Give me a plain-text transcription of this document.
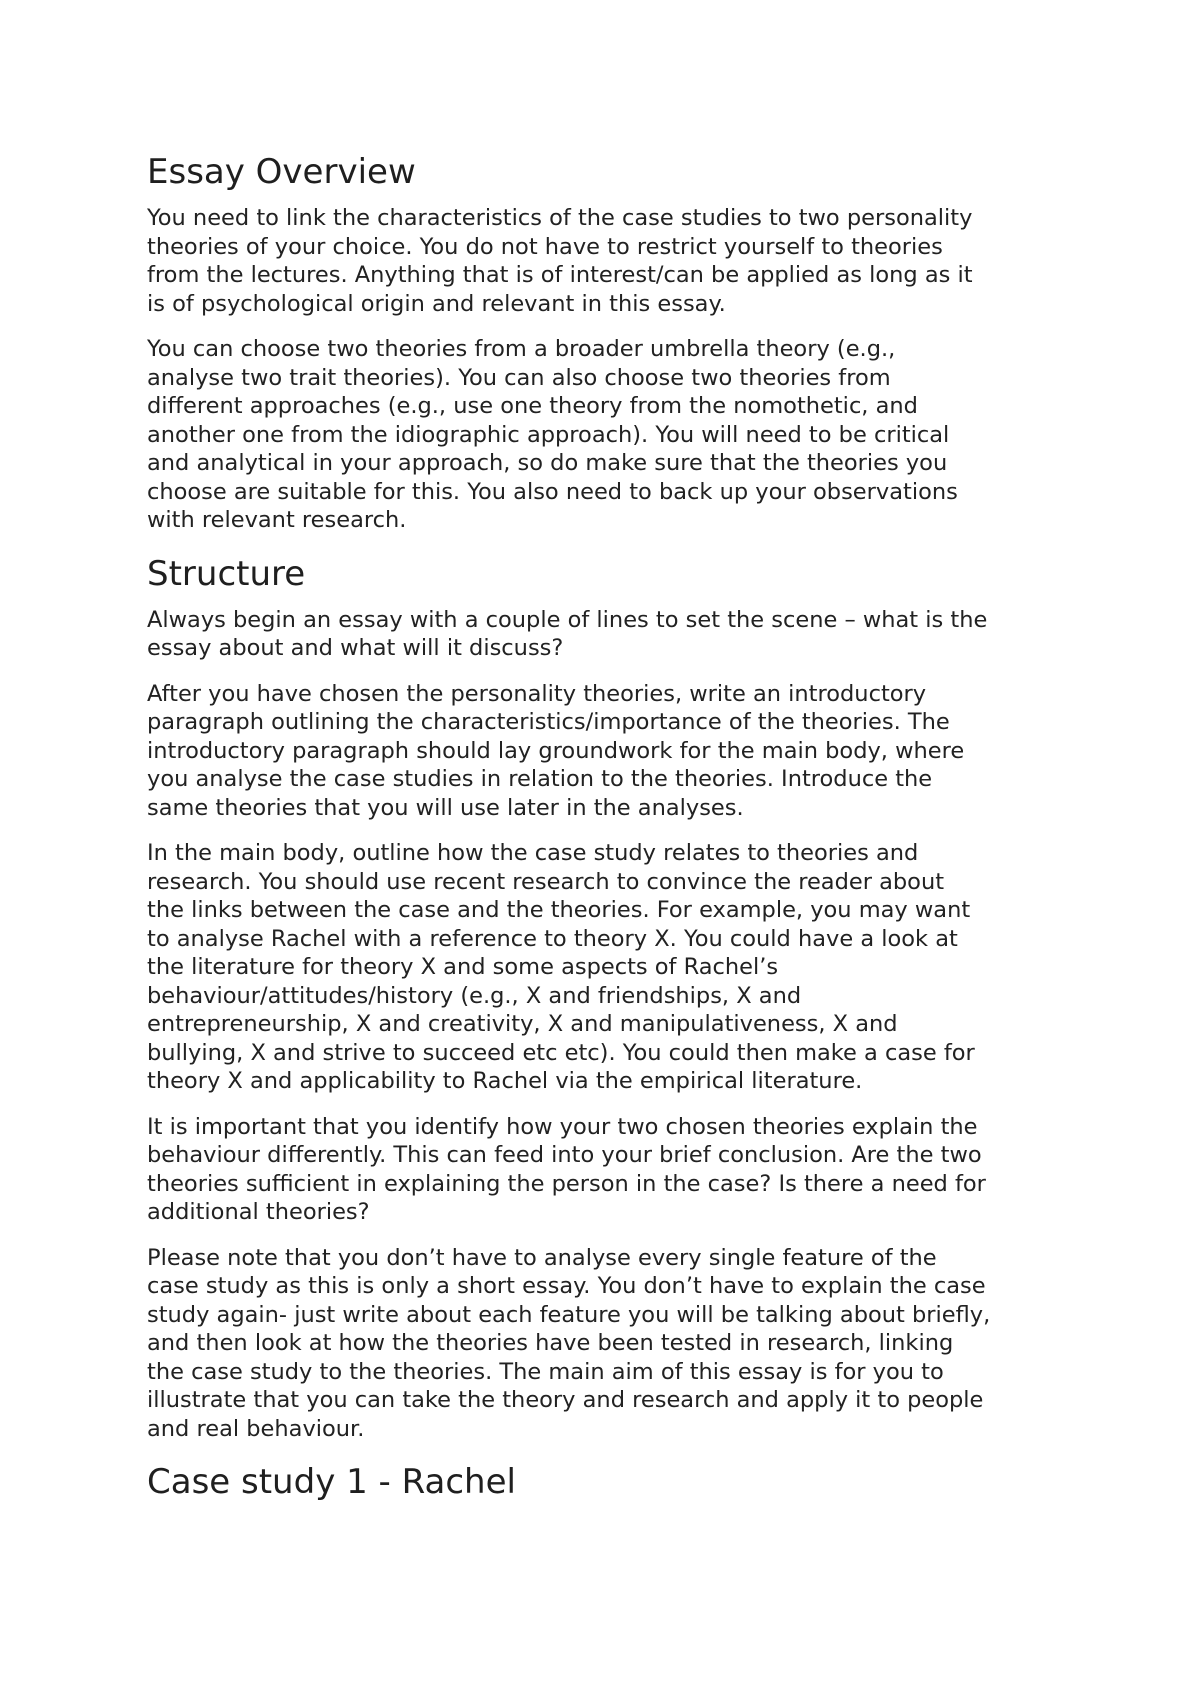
Essay Overview

You need to link the characteristics of the case studies to two personality
theories of your choice. You do not have to restrict yourself to theories
from the lectures. Anything that is of interest/can be applied as long as it
is of psychological origin and relevant in this essay.

You can choose two theories from a broader umbrella theory (e.g.,
analyse two trait theories). You can also choose two theories from
different approaches (e.g., use one theory from the nomothetic, and
another one from the idiographic approach). You will need to be critical
and analytical in your approach, so do make sure that the theories you
choose are suitable for this. You also need to back up your observations
with relevant research.

Structure

Always begin an essay with a couple of lines to set the scene – what is the
essay about and what will it discuss?

After you have chosen the personality theories, write an introductory
paragraph outlining the characteristics/importance of the theories. The
introductory paragraph should lay groundwork for the main body, where
you analyse the case studies in relation to the theories. Introduce the
same theories that you will use later in the analyses.

In the main body, outline how the case study relates to theories and
research. You should use recent research to convince the reader about
the links between the case and the theories. For example, you may want
to analyse Rachel with a reference to theory X. You could have a look at
the literature for theory X and some aspects of Rachel’s
behaviour/attitudes/history (e.g., X and friendships, X and
entrepreneurship, X and creativity, X and manipulativeness, X and
bullying, X and strive to succeed etc etc). You could then make a case for
theory X and applicability to Rachel via the empirical literature.

It is important that you identify how your two chosen theories explain the
behaviour differently. This can feed into your brief conclusion. Are the two
theories sufficient in explaining the person in the case? Is there a need for
additional theories?

Please note that you don’t have to analyse every single feature of the
case study as this is only a short essay. You don’t have to explain the case
study again- just write about each feature you will be talking about briefly,
and then look at how the theories have been tested in research, linking
the case study to the theories. The main aim of this essay is for you to
illustrate that you can take the theory and research and apply it to people
and real behaviour.

Case study 1 - Rachel
